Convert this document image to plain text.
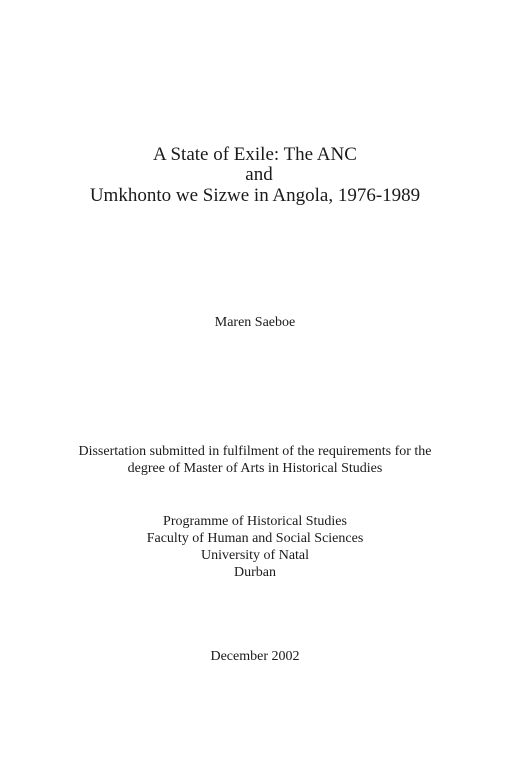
A State of Exile: The ANC
and
Umkhonto we Sizwe in Angola, 1976-1989
Maren Saeboe
Dissertation submitted in fulfilment of the requirements for the
degree of Master of Arts in Historical Studies
Programme of Historical Studies
Faculty of Human and Social Sciences
University of Natal
Durban
December 2002
